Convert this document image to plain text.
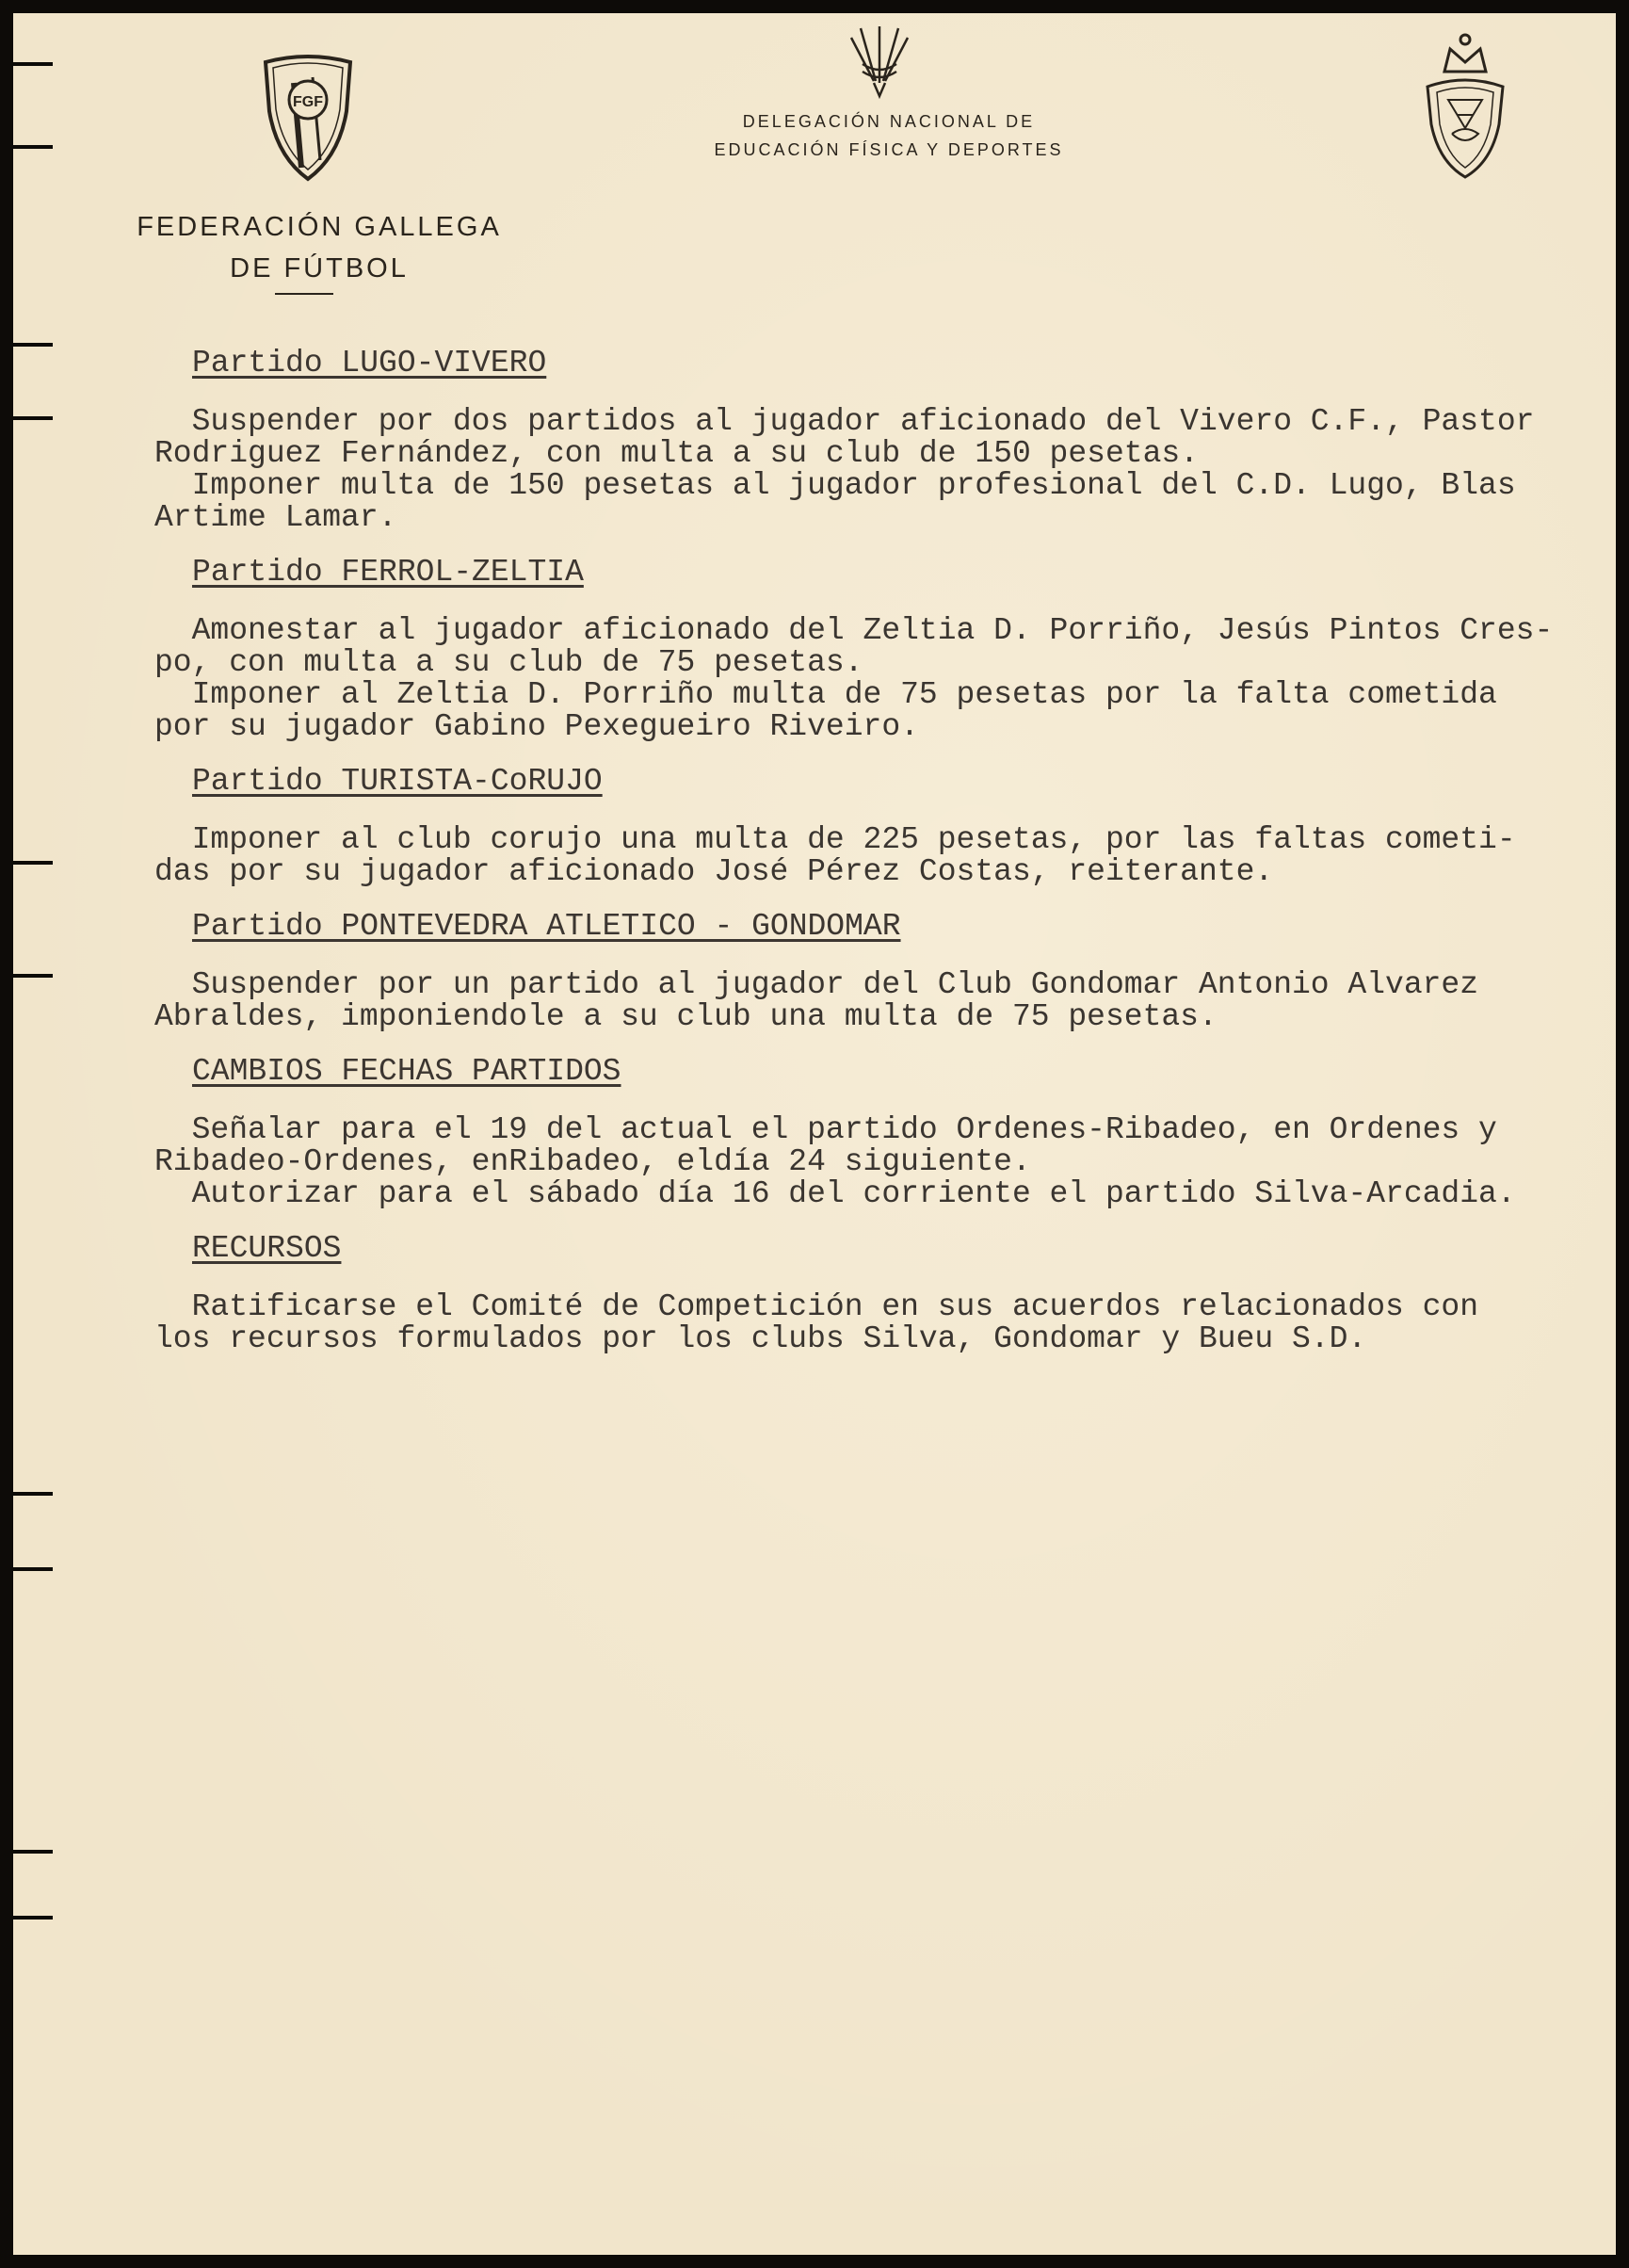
FGF
FEDERACIÓN GALLEGA
DE FÚTBOL
DELEGACIÓN NACIONAL DE
EDUCACIÓN FÍSICA Y DEPORTES
Partido LUGO-VIVERO

Suspender por dos partidos al jugador aficionado del Vivero C.F., Pastor

Rodriguez Fernández, con multa a su club de 150 pesetas.

Imponer multa de 150 pesetas al jugador profesional del C.D. Lugo, Blas

Artime Lamar.

Partido FERROL-ZELTIA

Amonestar al jugador aficionado del Zeltia D. Porriño, Jesús Pintos Cres-

po, con multa a su club de 75 pesetas.

Imponer al Zeltia D. Porriño multa de 75 pesetas por la falta cometida

por su jugador Gabino Pexegueiro Riveiro.

Partido TURISTA-CoRUJO

Imponer al club corujo una multa de 225 pesetas, por las faltas cometi-

das por su jugador aficionado José Pérez Costas, reiterante.

Partido PONTEVEDRA ATLETICO - GONDOMAR

Suspender por un partido al jugador del Club Gondomar Antonio Alvarez

Abraldes, imponiendole a su club una multa de 75 pesetas.

CAMBIOS FECHAS PARTIDOS

Señalar para el 19 del actual el partido Ordenes-Ribadeo, en Ordenes y

Ribadeo-Ordenes, enRibadeo, eldía 24 siguiente.

Autorizar para el sábado día 16 del corriente el partido Silva-Arcadia.

RECURSOS

Ratificarse el Comité de Competición en sus acuerdos relacionados con

los recursos formulados por los clubs Silva, Gondomar y Bueu S.D.
